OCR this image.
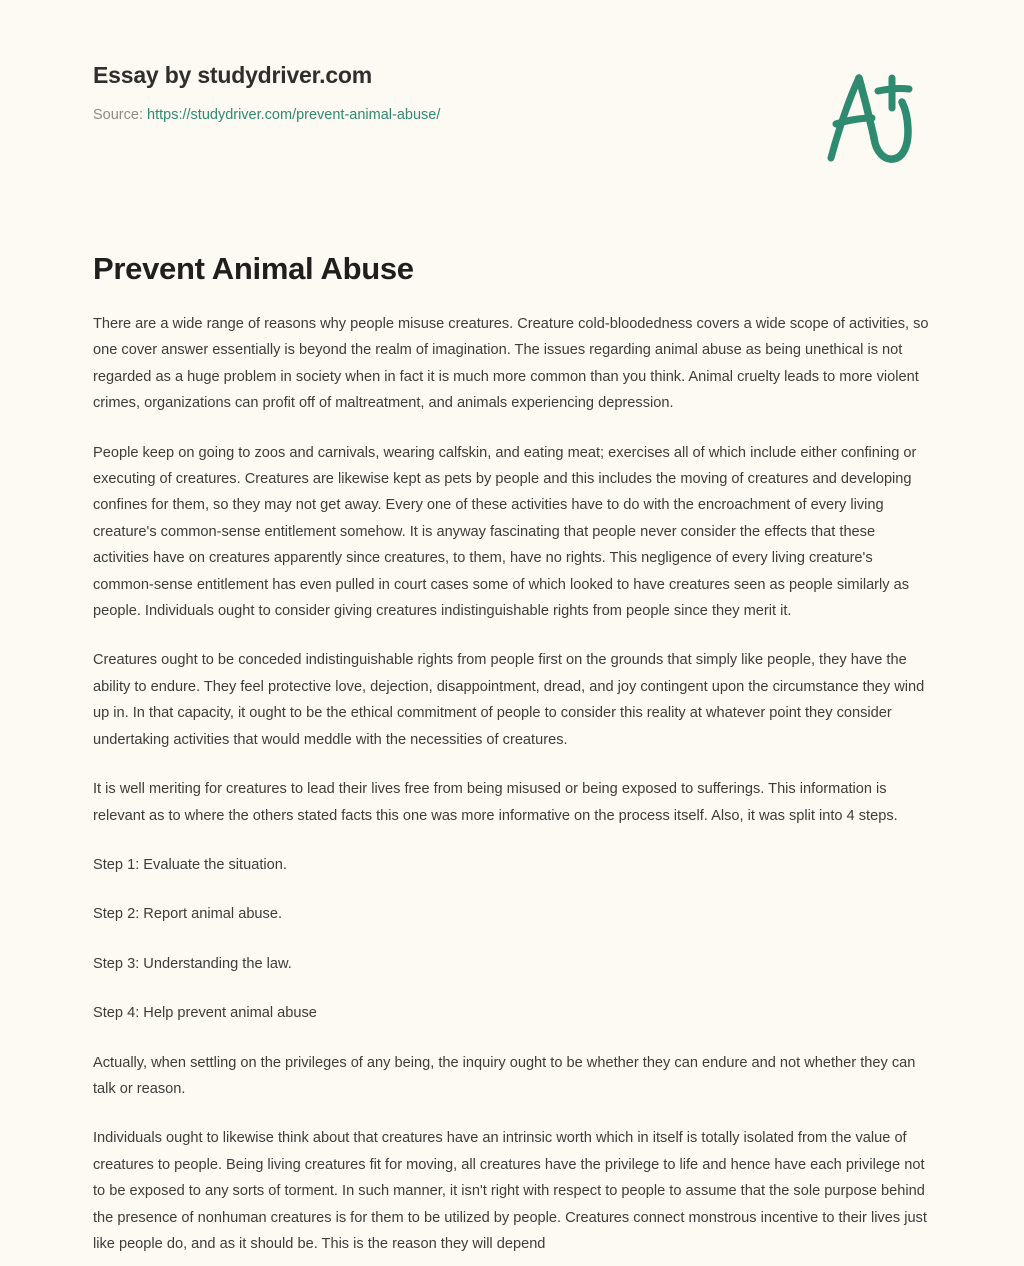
Essay by studydriver.com
Source: https://studydriver.com/prevent-animal-abuse/
Prevent Animal Abuse

There are a wide range of reasons why people misuse creatures. Creature cold-bloodedness covers a wide scope of activities, so one cover answer essentially is beyond the realm of imagination. The issues regarding animal abuse as being unethical is not regarded as a huge problem in society when in fact it is much more common than you think. Animal cruelty leads to more violent crimes, organizations can profit off of maltreatment, and animals experiencing depression.

People keep on going to zoos and carnivals, wearing calfskin, and eating meat; exercises all of which include either confining or executing of creatures. Creatures are likewise kept as pets by people and this includes the moving of creatures and developing confines for them, so they may not get away. Every one of these activities have to do with the encroachment of every living creature's common-sense entitlement somehow. It is anyway fascinating that people never consider the effects that these activities have on creatures apparently since creatures, to them, have no rights. This negligence of every living creature's common-sense entitlement has even pulled in court cases some of which looked to have creatures seen as people similarly as people. Individuals ought to consider giving creatures indistinguishable rights from people since they merit it.

Creatures ought to be conceded indistinguishable rights from people first on the grounds that simply like people, they have the ability to endure. They feel protective love, dejection, disappointment, dread, and joy contingent upon the circumstance they wind up in. In that capacity, it ought to be the ethical commitment of people to consider this reality at whatever point they consider undertaking activities that would meddle with the necessities of creatures.

It is well meriting for creatures to lead their lives free from being misused or being exposed to sufferings. This information is relevant as to where the others stated facts this one was more informative on the process itself. Also, it was split into 4 steps.

Step 1: Evaluate the situation.

Step 2: Report animal abuse.

Step 3: Understanding the law.

Step 4: Help prevent animal abuse

Actually, when settling on the privileges of any being, the inquiry ought to be whether they can endure and not whether they can talk or reason.

Individuals ought to likewise think about that creatures have an intrinsic worth which in itself is totally isolated from the value of creatures to people. Being living creatures fit for moving, all creatures have the privilege to life and hence have each privilege not to be exposed to any sorts of torment. In such manner, it isn't right with respect to people to assume that the sole purpose behind the presence of nonhuman creatures is for them to be utilized by people. Creatures connect monstrous incentive to their lives just like people do, and as it should be. This is the reason they will depend
